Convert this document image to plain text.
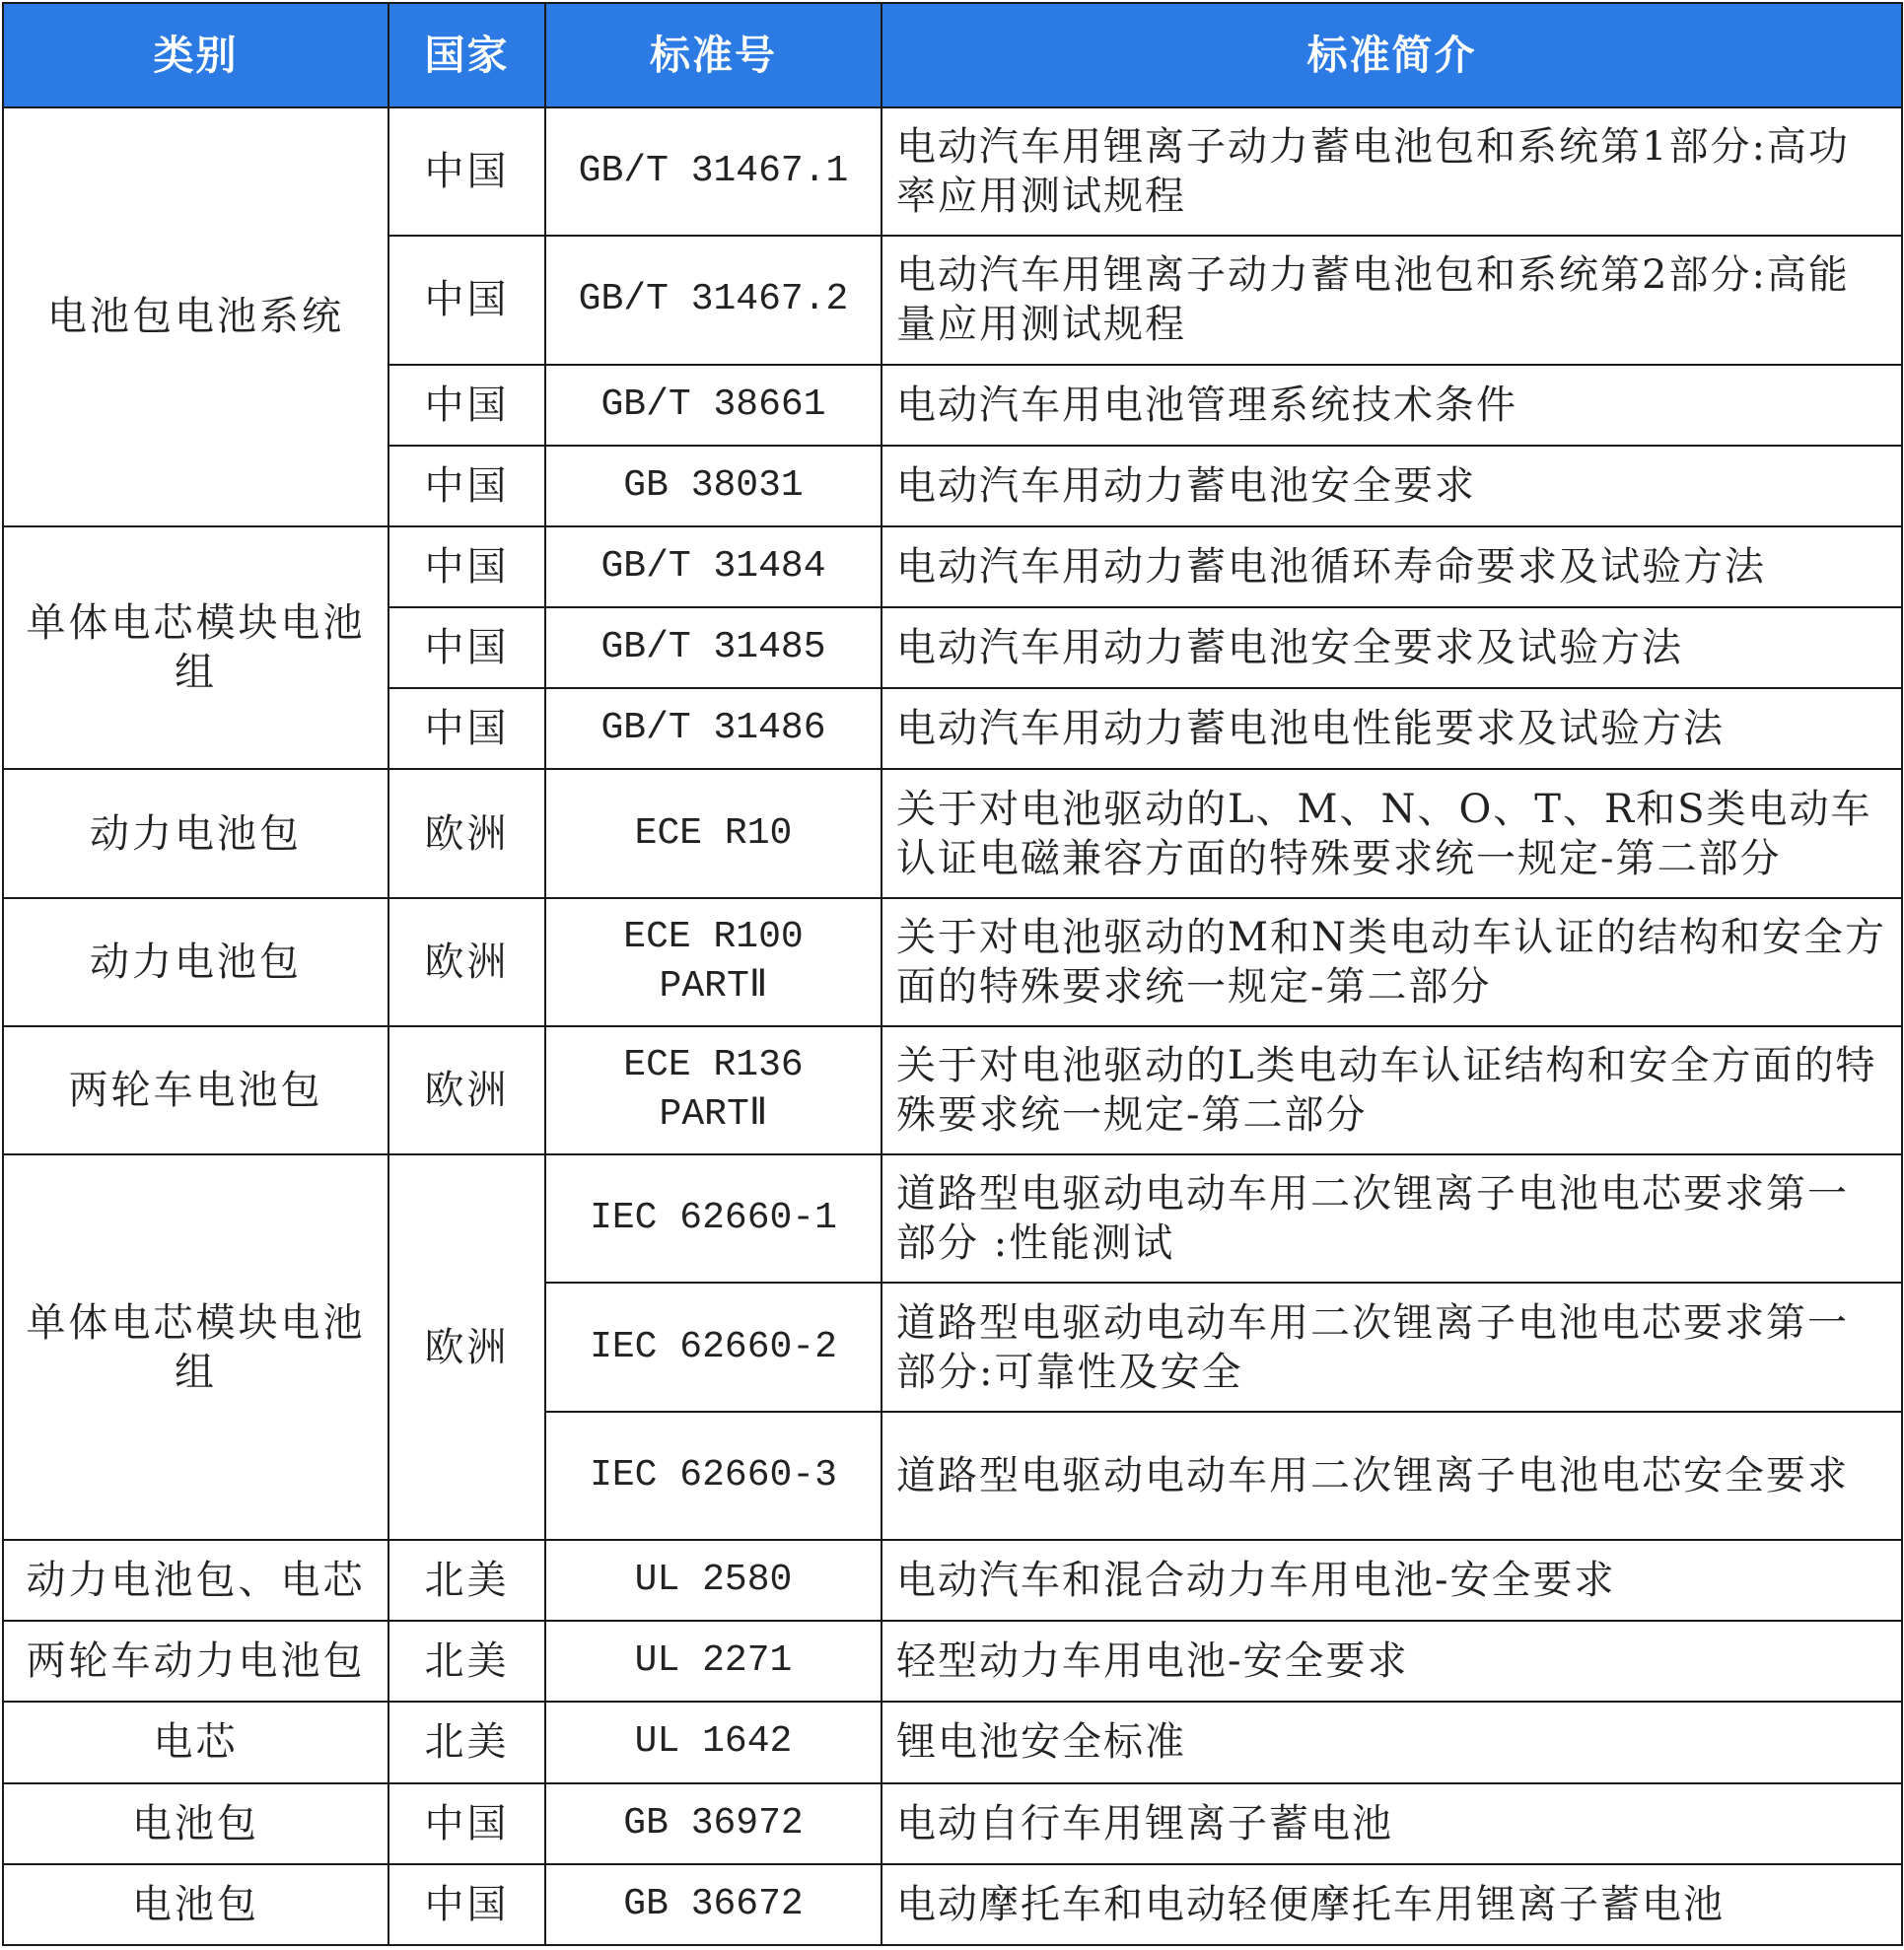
类别	国家	标准号	标准简介
电池包电池系统	中国	GB/T 31467.1	电动汽车用锂离子动力蓄电池包和系统第1部分:高功率应用测试规程
	中国	GB/T 31467.2	电动汽车用锂离子动力蓄电池包和系统第2部分:高能量应用测试规程
	中国	GB/T 38661	电动汽车用电池管理系统技术条件
	中国	GB 38031	电动汽车用动力蓄电池安全要求
单体电芯模块电池组	中国	GB/T 31484	电动汽车用动力蓄电池循环寿命要求及试验方法
	中国	GB/T 31485	电动汽车用动力蓄电池安全要求及试验方法
	中国	GB/T 31486	电动汽车用动力蓄电池电性能要求及试验方法
动力电池包	欧洲	ECE R10	关于对电池驱动的L、M、N、O、T、R和S类电动车认证电磁兼容方面的特殊要求统一规定-第二部分
动力电池包	欧洲	ECE R100 PARTⅡ	关于对电池驱动的M和N类电动车认证的结构和安全方面的特殊要求统一规定-第二部分
两轮车电池包	欧洲	ECE R136 PARTⅡ	关于对电池驱动的L类电动车认证结构和安全方面的特殊要求统一规定-第二部分
单体电芯模块电池组	欧洲	IEC 62660-1	道路型电驱动电动车用二次锂离子电池电芯要求第一部分 :性能测试
		IEC 62660-2	道路型电驱动电动车用二次锂离子电池电芯要求第一部分:可靠性及安全
		IEC 62660-3	道路型电驱动电动车用二次锂离子电池电芯安全要求
动力电池包、电芯	北美	UL 2580	电动汽车和混合动力车用电池-安全要求
两轮车动力电池包	北美	UL 2271	轻型动力车用电池-安全要求
电芯	北美	UL 1642	锂电池安全标准
电池包	中国	GB 36972	电动自行车用锂离子蓄电池
电池包	中国	GB 36672	电动摩托车和电动轻便摩托车用锂离子蓄电池
